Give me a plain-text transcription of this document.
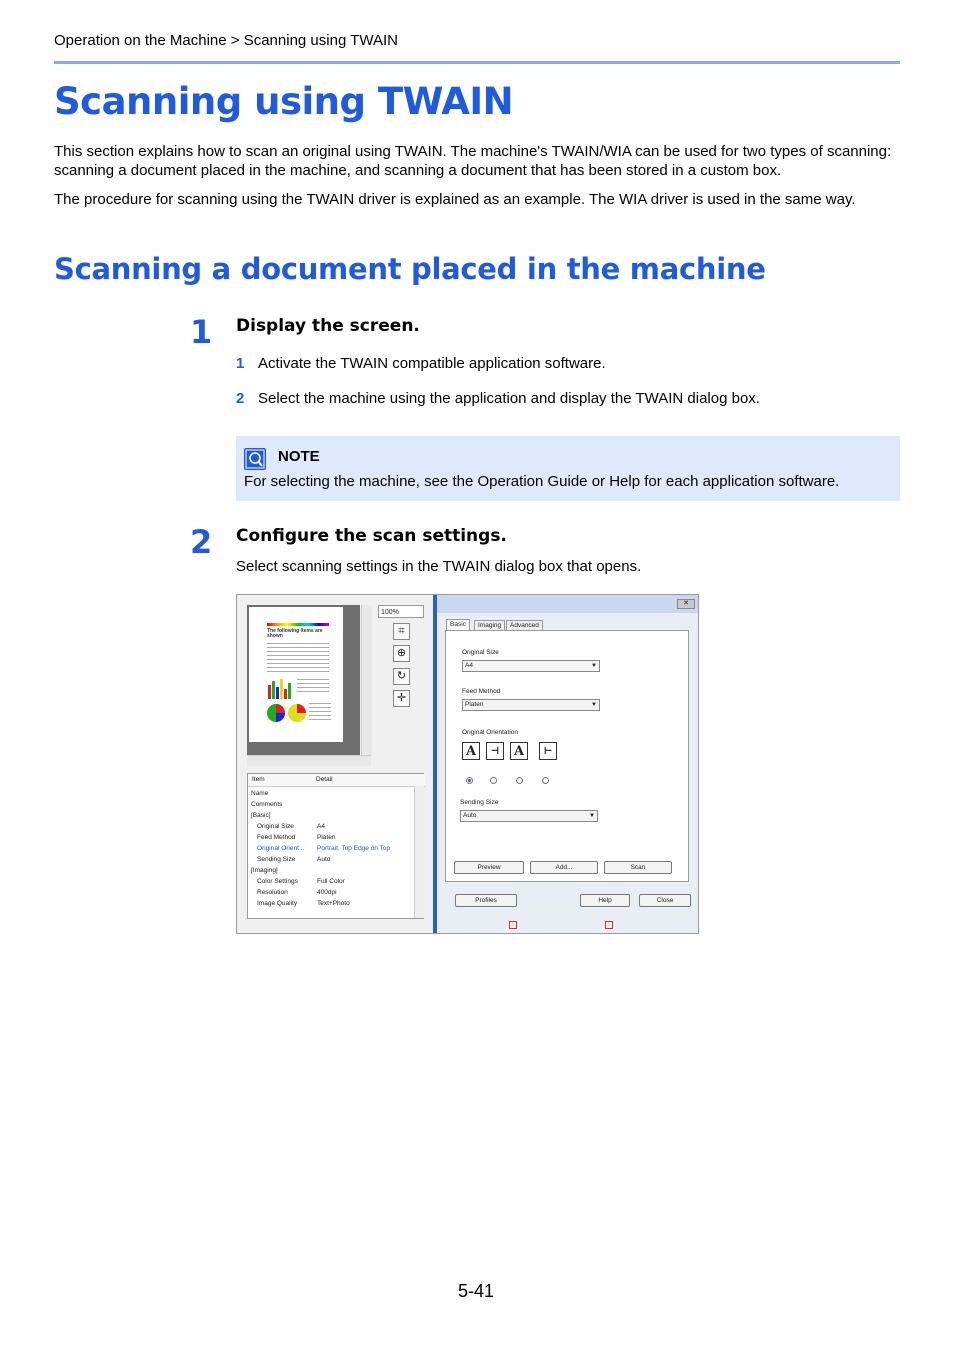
Operation on the Machine > Scanning using TWAIN
Scanning using TWAIN
This section explains how to scan an original using TWAIN. The machine's TWAIN/WIA can be used for two types of scanning: scanning a document placed in the machine, and scanning a document that has been stored in a custom box.
The procedure for scanning using the TWAIN driver is explained as an example. The WIA driver is used in the same way.
Scanning a document placed in the machine
1 Display the screen.
1 Activate the TWAIN compatible application software.
2 Select the machine using the application and display the TWAIN dialog box.
NOTE
For selecting the machine, see the Operation Guide or Help for each application software.
2 Configure the scan settings.
Select scanning settings in the TWAIN dialog box that opens.
The following items are shown
100%
⌗
⊕
↻
✛
Item	Detail
Name
Comments
[Basic]
Original Size	A4
Feed Method	Platen
Original Orient... Portrait, Top Edge on Top
Sending Size	Auto
[Imaging]
Color Settings	Full Color
Resolution	400dpi
Image Quality	Text+Photo
✕
Basic	Imaging	Advanced
Original Size
A4	▼
Feed Method
Platen	▼
Original Orientation
A	⊣	A	⊢
Sending Size
Auto	▼
Preview	Add...	Scan
Profiles	Help	Close
5-41
